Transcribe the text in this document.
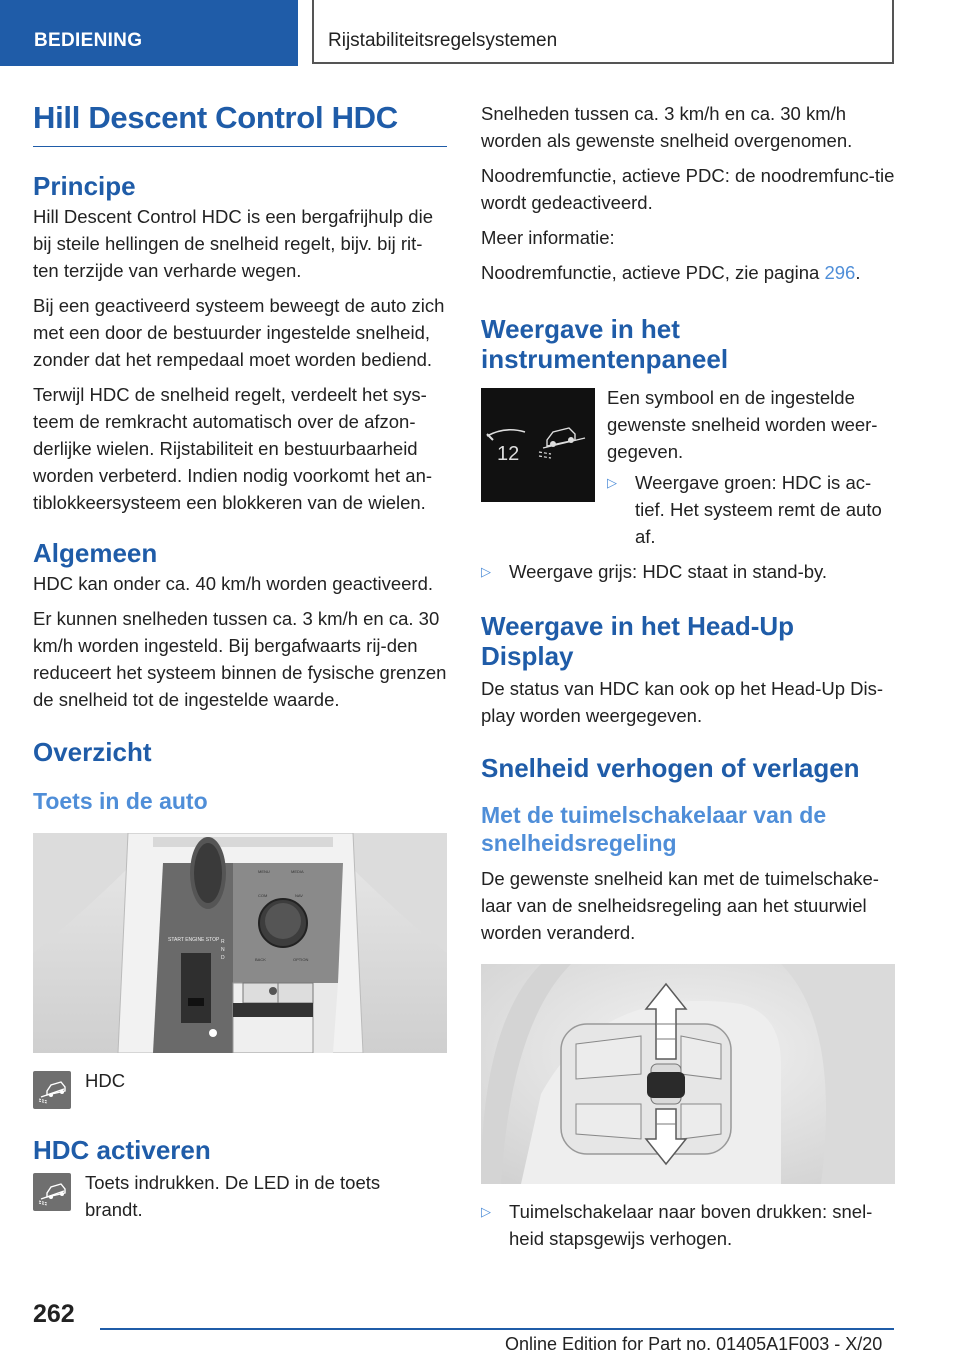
BEDIENING	Rijstabiliteitsregelsystemen
Hill Descent Control HDC
Principe

Hill Descent Control HDC is een bergafrijhulp die bij steile hellingen de snelheid regelt, bijv. bij rit-ten terzijde van verharde wegen.

Bij een geactiveerd systeem beweegt de auto zich met een door de bestuurder ingestelde snelheid, zonder dat het rempedaal moet worden bediend.

Terwijl HDC de snelheid regelt, verdeelt het sys-teem de remkracht automatisch over de afzon-derlijke wielen. Rijstabiliteit en bestuurbaarheid worden verbeterd. Indien nodig voorkomt het an-tiblokkeersysteem een blokkeren van de wielen.

Algemeen

HDC kan onder ca. 40 km/h worden geactiveerd.

Er kunnen snelheden tussen ca. 3 km/h en ca. 30 km/h worden ingesteld. Bij bergafwaarts rij-den reduceert het systeem binnen de fysische grenzen de snelheid tot de ingestelde waarde.

Overzicht
Toets in de auto
START ENGINE STOP
MENU	MEDIA
COM	NAV
BACK	OPTION
R
N
D

HDC

HDC activeren

Toets indrukken. De LED in de toets brandt.

Snelheden tussen ca. 3 km/h en ca. 30 km/h worden als gewenste snelheid overgenomen.

Noodremfunctie, actieve PDC: de noodremfunc-tie wordt gedeactiveerd.

Meer informatie:

Noodremfunctie, actieve PDC, zie pagina 296.

Weergave in het instrumentenpaneel
12

Een symbool en de ingestelde gewenste snelheid worden weer-gegeven.

▷ Weergave groen: HDC is ac-tief. Het systeem remt de auto af.

▷ Weergave grijs: HDC staat in stand-by.

Weergave in het Head-Up Display

De status van HDC kan ook op het Head-Up Dis-play worden weergegeven.

Snelheid verhogen of verlagen
Met de tuimelschakelaar van de snelheidsregeling

De gewenste snelheid kan met de tuimelschake-laar van de snelheidsregeling aan het stuurwiel worden veranderd.

▷ Tuimelschakelaar naar boven drukken: snel-heid stapsgewijs verhogen.

262
Online Edition for Part no. 01405A1F003 - X/20
